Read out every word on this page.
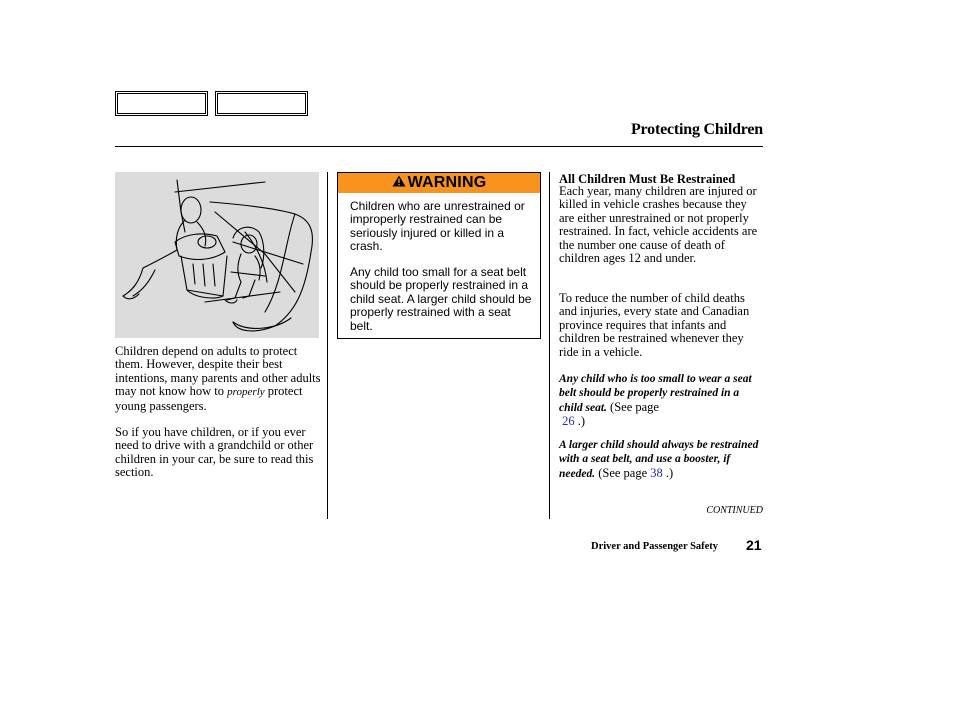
Protecting Children
Children depend on adults to protect them. However, despite their best intentions, many parents and other adults may not know how to properly protect young passengers.
So if you have children, or if you ever need to drive with a grandchild or other children in your car, be sure to read this section.
WARNING
Children who are unrestrained or improperly restrained can be seriously injured or killed in a crash.
Any child too small for a seat belt should be properly restrained in a child seat. A larger child should be properly restrained with a seat belt.
All Children Must Be Restrained
Each year, many children are injured or killed in vehicle crashes because they are either unrestrained or not properly restrained. In fact, vehicle accidents are the number one cause of death of children ages 12 and under.
To reduce the number of child deaths and injuries, every state and Canadian province requires that infants and children be restrained whenever they ride in a vehicle.
Any child who is too small to wear a seat belt should be properly restrained in a child seat. (See page
26 .)
A larger child should always be restrained with a seat belt, and use a booster, if needed. (See page 38 .)
CONTINUED
Driver and Passenger Safety 21
